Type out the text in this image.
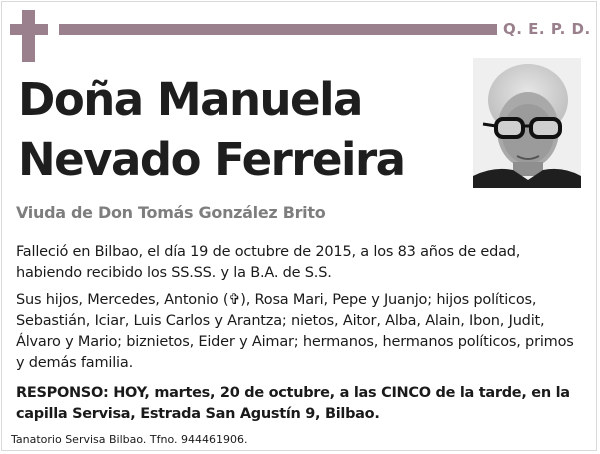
Q. E. P. D.
Doña Manuela
Nevado Ferreira
Viuda de Don Tomás González Brito

Falleció en Bilbao, el día 19 de octubre de 2015, a los 83 años de edad, habiendo recibido los SS.SS. y la B.A. de S.S.

Sus hijos, Mercedes, Antonio (✞), Rosa Mari, Pepe y Juanjo; hijos políticos, Sebastián, Iciar, Luis Carlos y Arantza; nietos, Aitor, Alba, Alain, Ibon, Judit, Álvaro y Mario; biznietos, Eider y Aimar; hermanos, hermanos políticos, primos y demás familia.

RESPONSO: HOY, martes, 20 de octubre, a las CINCO de la tarde, en la capilla Servisa, Estrada San Agustín 9, Bilbao.

Tanatorio Servisa Bilbao. Tfno. 944461906.
